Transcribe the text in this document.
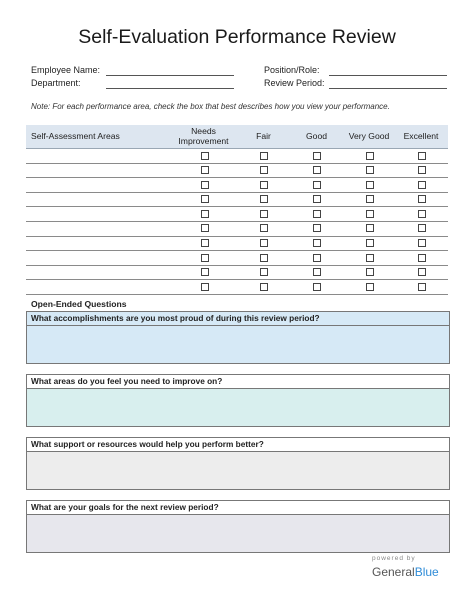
Self-Evaluation Performance Review
Employee Name:
Department:
Position/Role:
Review Period:
Note: For each performance area, check the box that best describes how you view your performance.
Self-Assessment Areas	Needs Improvement	Fair	Good	Very Good	Excellent
Open-Ended Questions
What accomplishments are you most proud of during this review period?
What areas do you feel you need to improve on?
What support or resources would help you perform better?
What are your goals for the next review period?
powered by
GeneralBlue
